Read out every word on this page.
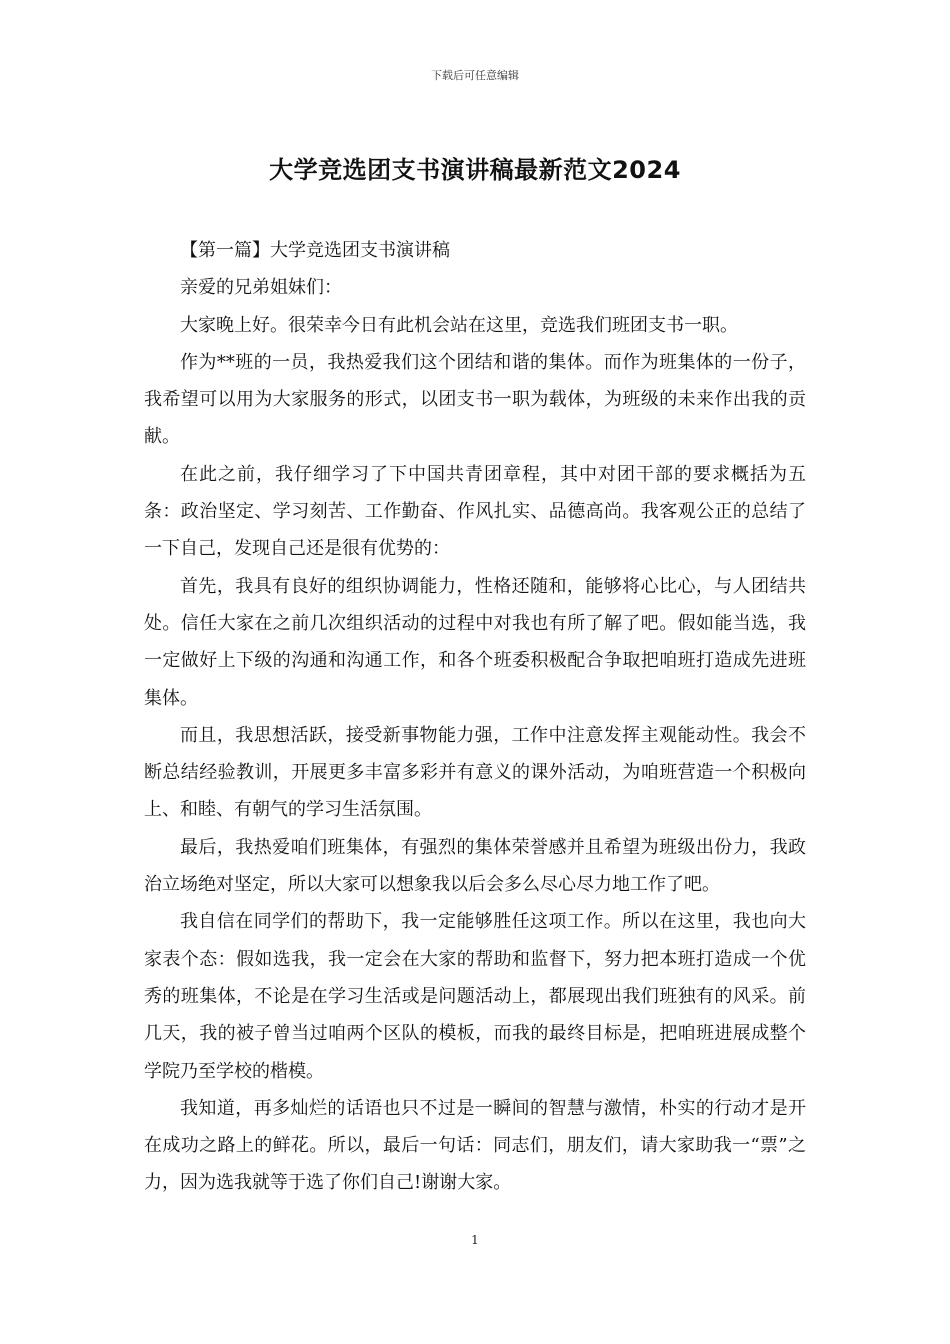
下载后可任意编辑
大学竞选团支书演讲稿最新范文2024

【第一篇】大学竞选团支书演讲稿

亲爱的兄弟姐妹们：

大家晚上好。很荣幸今日有此机会站在这里，竞选我们班团支书一职。

作为**班的一员，我热爱我们这个团结和谐的集体。而作为班集体的一份子，我希望可以用为大家服务的形式，以团支书一职为载体，为班级的未来作出我的贡献。

在此之前，我仔细学习了下中国共青团章程，其中对团干部的要求概括为五条：政治坚定、学习刻苦、工作勤奋、作风扎实、品德高尚。我客观公正的总结了一下自己，发现自己还是很有优势的：

首先，我具有良好的组织协调能力，性格还随和，能够将心比心，与人团结共处。信任大家在之前几次组织活动的过程中对我也有所了解了吧。假如能当选，我一定做好上下级的沟通和沟通工作，和各个班委积极配合争取把咱班打造成先进班集体。

而且，我思想活跃，接受新事物能力强，工作中注意发挥主观能动性。我会不断总结经验教训，开展更多丰富多彩并有意义的课外活动，为咱班营造一个积极向上、和睦、有朝气的学习生活氛围。

最后，我热爱咱们班集体，有强烈的集体荣誉感并且希望为班级出份力，我政治立场绝对坚定，所以大家可以想象我以后会多么尽心尽力地工作了吧。

我自信在同学们的帮助下，我一定能够胜任这项工作。所以在这里，我也向大家表个态：假如选我，我一定会在大家的帮助和监督下，努力把本班打造成一个优秀的班集体，不论是在学习生活或是问题活动上，都展现出我们班独有的风采。前几天，我的被子曾当过咱两个区队的模板，而我的最终目标是，把咱班进展成整个学院乃至学校的楷模。

我知道，再多灿烂的话语也只不过是一瞬间的智慧与激情，朴实的行动才是开在成功之路上的鲜花。所以，最后一句话：同志们，朋友们，请大家助我一“票”之力，因为选我就等于选了你们自己!谢谢大家。

1
